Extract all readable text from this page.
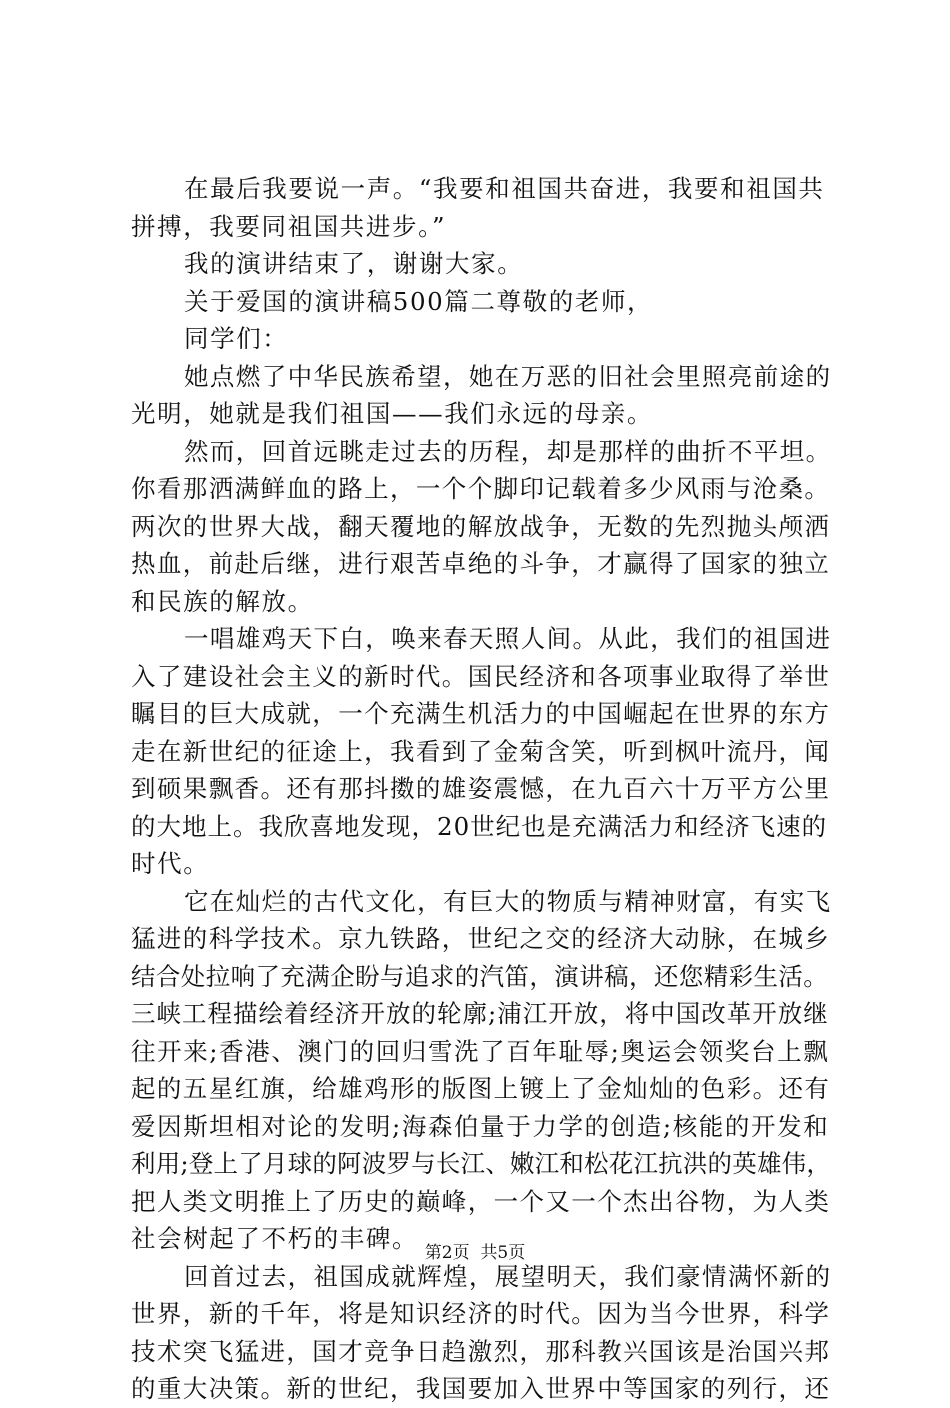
在最后我要说一声。“我要和祖国共奋进，我要和祖国共
拼搏，我要同祖国共进步。”
我的演讲结束了，谢谢大家。
关于爱国的演讲稿500篇二尊敬的老师，
同学们：
她点燃了中华民族希望，她在万恶的旧社会里照亮前途的
光明，她就是我们祖国——我们永远的母亲。
然而，回首远眺走过去的历程，却是那样的曲折不平坦。
你看那洒满鲜血的路上，一个个脚印记载着多少风雨与沧桑。
两次的世界大战，翻天覆地的解放战争，无数的先烈抛头颅洒
热血，前赴后继，进行艰苦卓绝的斗争，才赢得了国家的独立
和民族的解放。
一唱雄鸡天下白，唤来春天照人间。从此，我们的祖国进
入了建设社会主义的新时代。国民经济和各项事业取得了举世
瞩目的巨大成就，一个充满生机活力的中国崛起在世界的东方
走在新世纪的征途上，我看到了金菊含笑，听到枫叶流丹，闻
到硕果飘香。还有那抖擞的雄姿震憾，在九百六十万平方公里
的大地上。我欣喜地发现，20世纪也是充满活力和经济飞速的
时代。
它在灿烂的古代文化，有巨大的物质与精神财富，有实飞
猛进的科学技术。京九铁路，世纪之交的经济大动脉，在城乡
结合处拉响了充满企盼与追求的汽笛，演讲稿，还您精彩生活。
三峡工程描绘着经济开放的轮廓;浦江开放，将中国改革开放继
往开来;香港、澳门的回归雪洗了百年耻辱;奥运会领奖台上飘
起的五星红旗，给雄鸡形的版图上镀上了金灿灿的色彩。还有
爱因斯坦相对论的发明;海森伯量于力学的创造;核能的开发和
利用;登上了月球的阿波罗与长江、嫩江和松花江抗洪的英雄伟，
把人类文明推上了历史的巅峰，一个又一个杰出谷物，为人类
社会树起了不朽的丰碑。
回首过去，祖国成就辉煌，展望明天，我们豪情满怀新的
世界，新的千年，将是知识经济的时代。因为当今世界，科学
技术突飞猛进，国才竞争日趋激烈，那科教兴国该是治国兴邦
的重大决策。新的世纪，我国要加入世界中等国家的列行，还
第2页  共5页
